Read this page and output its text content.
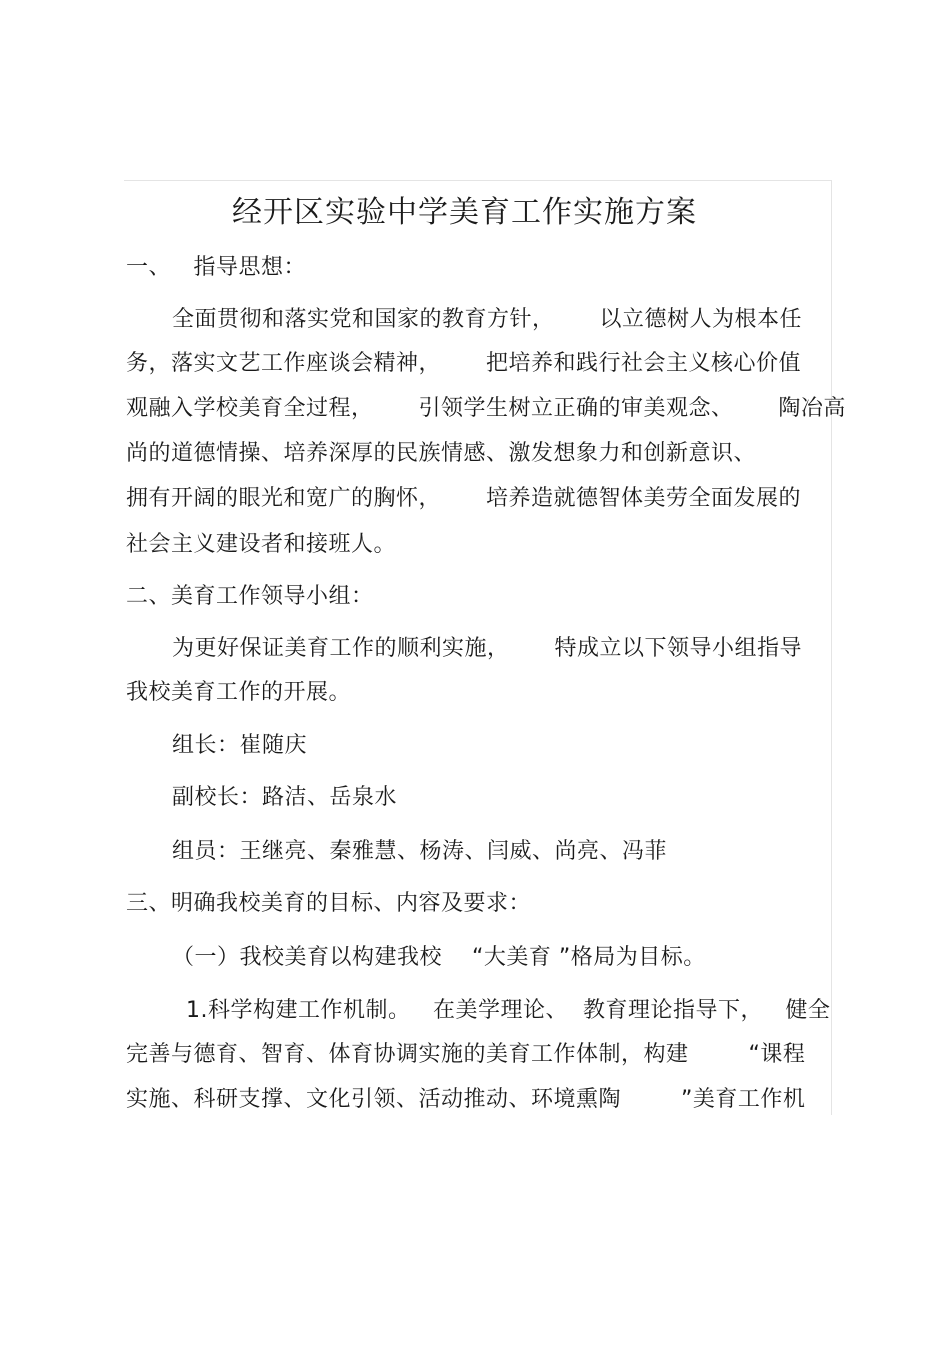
经开区实验中学美育工作实施方案
一、   指导思想：
全面贯彻和落实党和国家的教育方针，      以立德树人为根本任
务，落实文艺工作座谈会精神，      把培养和践行社会主义核心价值
观融入学校美育全过程，      引领学生树立正确的审美观念、      陶冶高
尚的道德情操、培养深厚的民族情感、激发想象力和创新意识、
拥有开阔的眼光和宽广的胸怀，      培养造就德智体美劳全面发展的
社会主义建设者和接班人。
二、美育工作领导小组：
为更好保证美育工作的顺利实施，      特成立以下领导小组指导
我校美育工作的开展。
组长：崔随庆
副校长：路洁、岳泉水
组员：王继亮、秦雅慧、杨涛、闫威、尚亮、冯菲
三、明确我校美育的目标、内容及要求：
（一）我校美育以构建我校    “大美育 ”格局为目标。
1.科学构建工作机制。   在美学理论、  教育理论指导下，   健全
完善与德育、智育、体育协调实施的美育工作体制，构建        “课程
实施、科研支撑、文化引领、活动推动、环境熏陶        ”美育工作机
